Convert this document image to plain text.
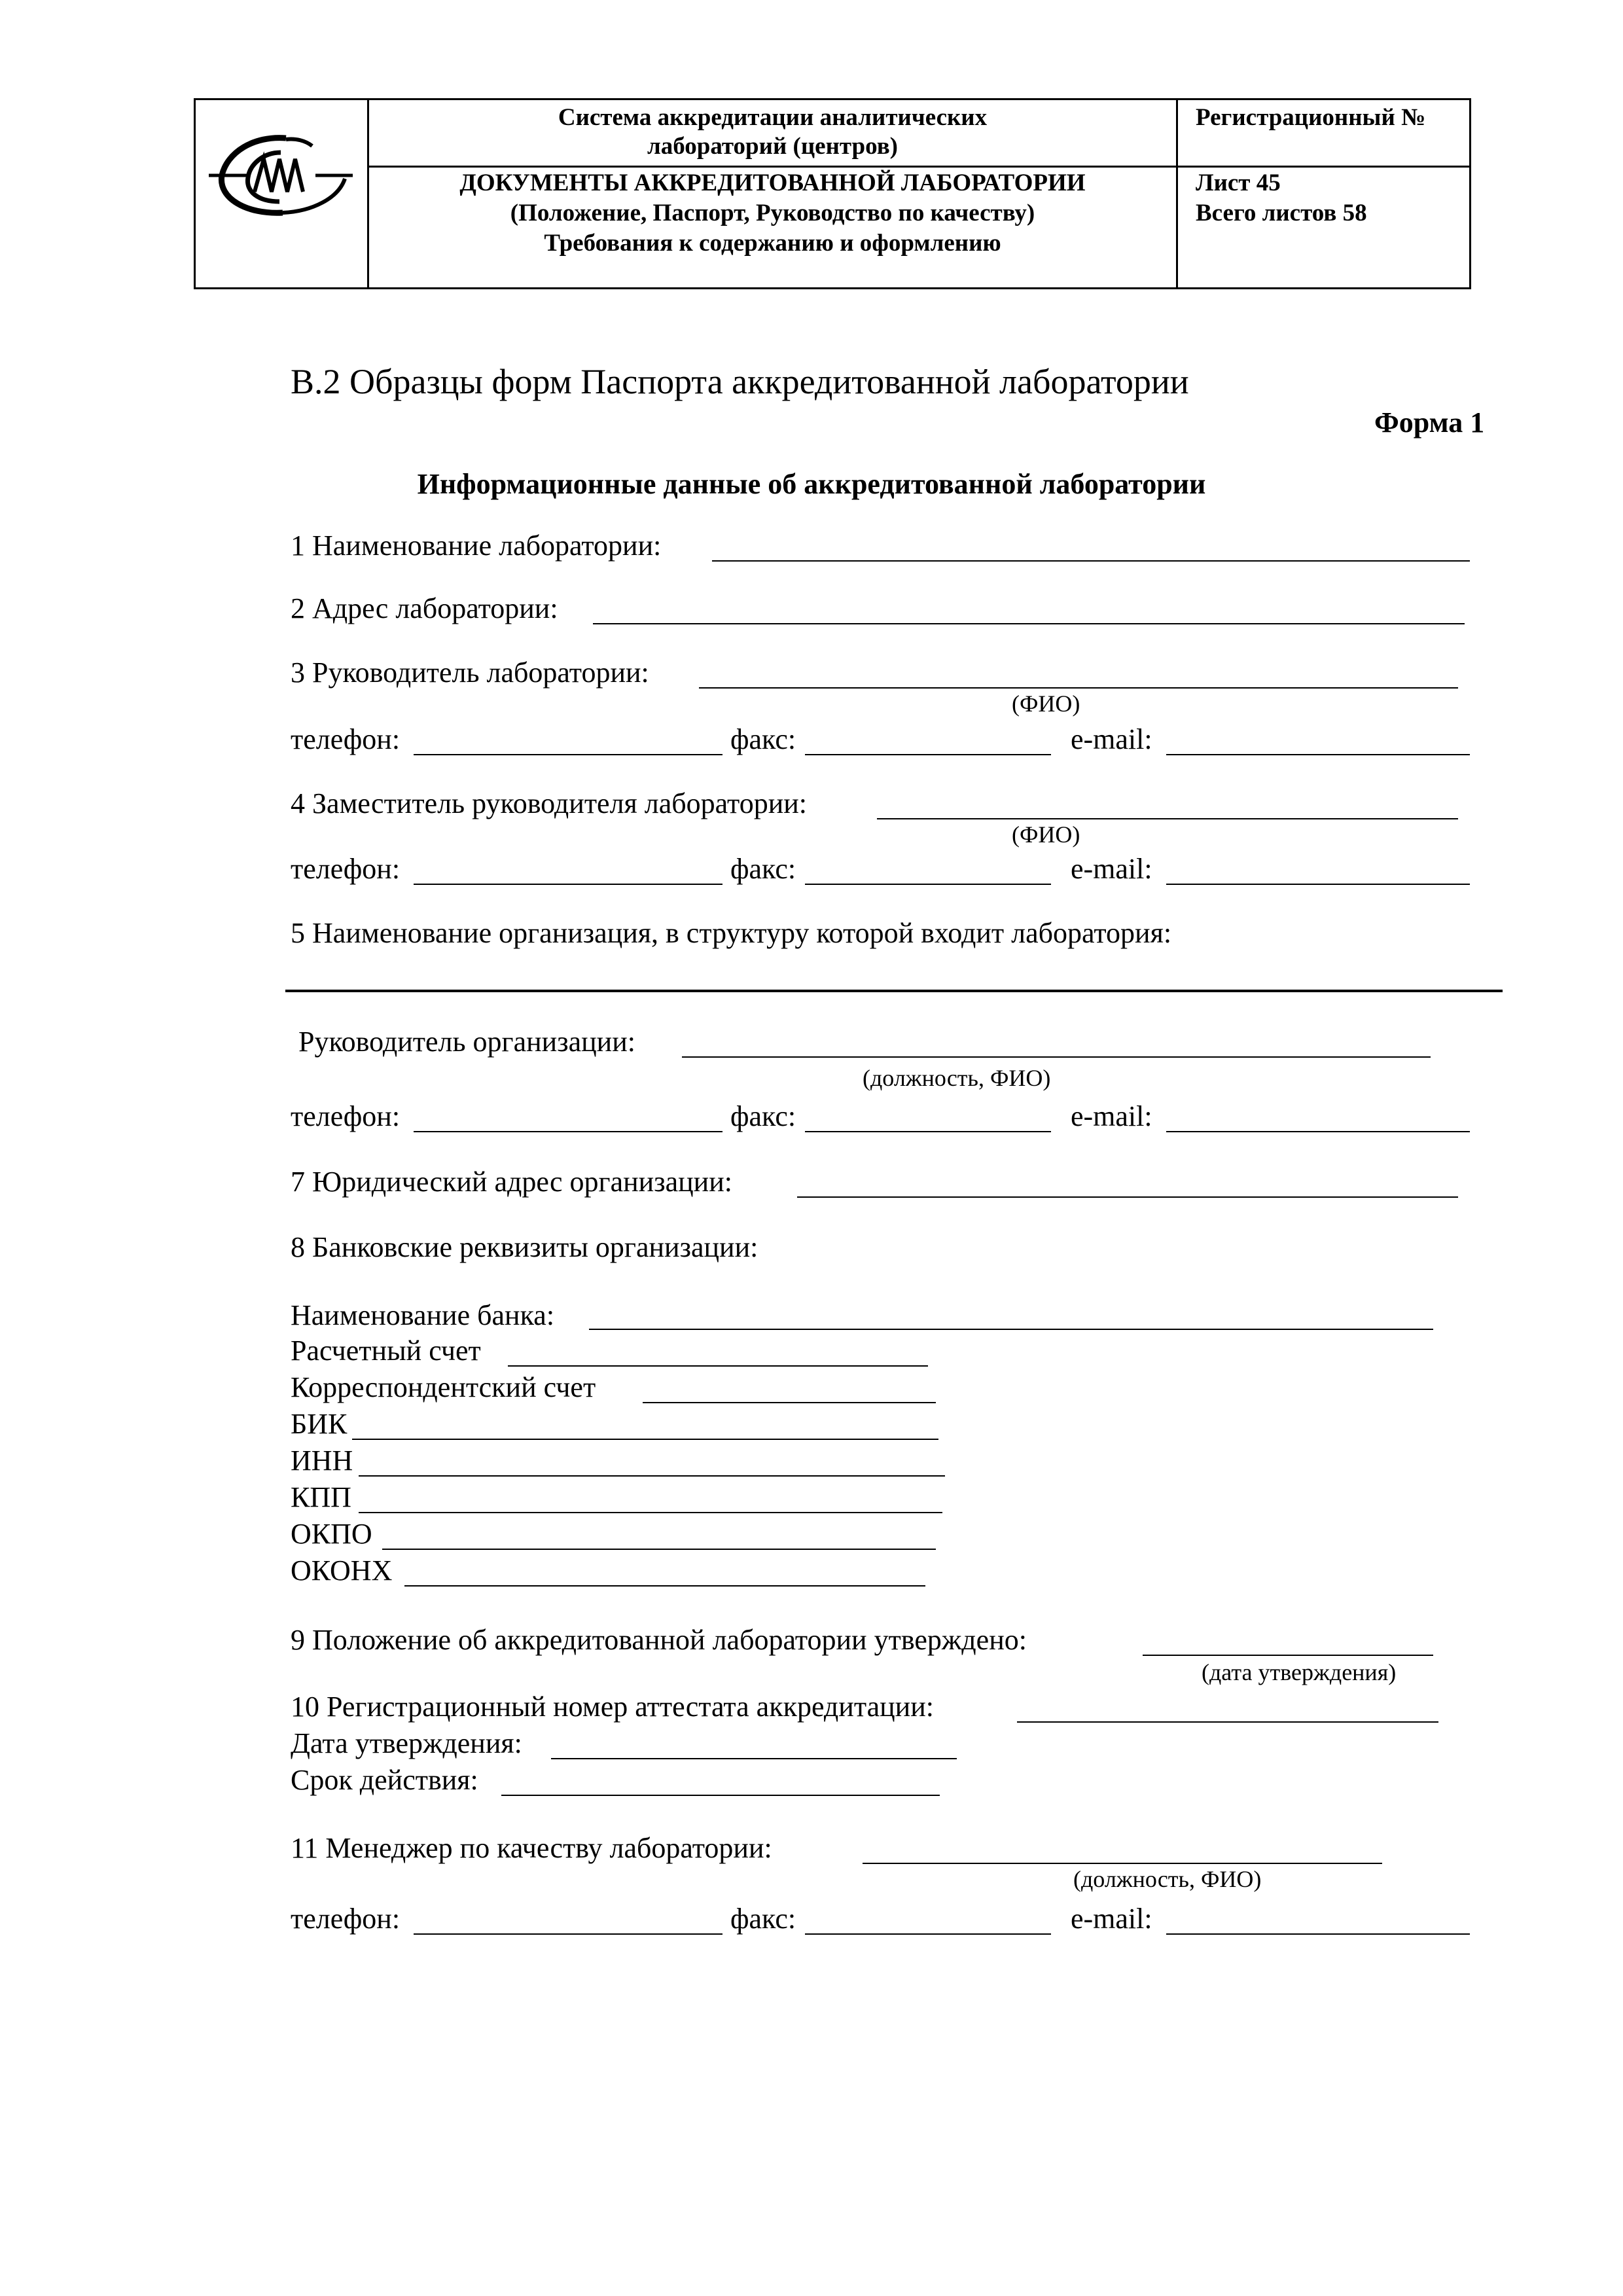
Система аккредитации аналитических
лабораторий (центров)
ДОКУМЕНТЫ АККРЕДИТОВАННОЙ ЛАБОРАТОРИИ
(Положение, Паспорт, Руководство по качеству)
Требования к содержанию и оформлению
Регистрационный №
Лист 45
Всего листов 58
В.2 Образцы форм Паспорта аккредитованной лаборатории
Форма 1
Информационные данные об аккредитованной лаборатории
1 Наименование лаборатории:
2 Адрес лаборатории:
3 Руководитель лаборатории:
(ФИО)
телефон:	факс:	e-mail:
4 Заместитель руководителя лаборатории:
(ФИО)
телефон:	факс:	e-mail:
5 Наименование организация, в структуру которой входит лаборатория:
Руководитель организации:
(должность, ФИО)
телефон:	факс:	e-mail:
7 Юридический адрес организации:
8 Банковские реквизиты организации:
Наименование банка:
Расчетный счет
Корреспондентский счет
БИК
ИНН
КПП
ОКПО
ОКОНХ
9 Положение об аккредитованной лаборатории утверждено:
(дата утверждения)
10 Регистрационный номер аттестата аккредитации:
Дата утверждения:
Срок действия:
11 Менеджер по качеству лаборатории:
(должность, ФИО)
телефон:	факс:	e-mail:
